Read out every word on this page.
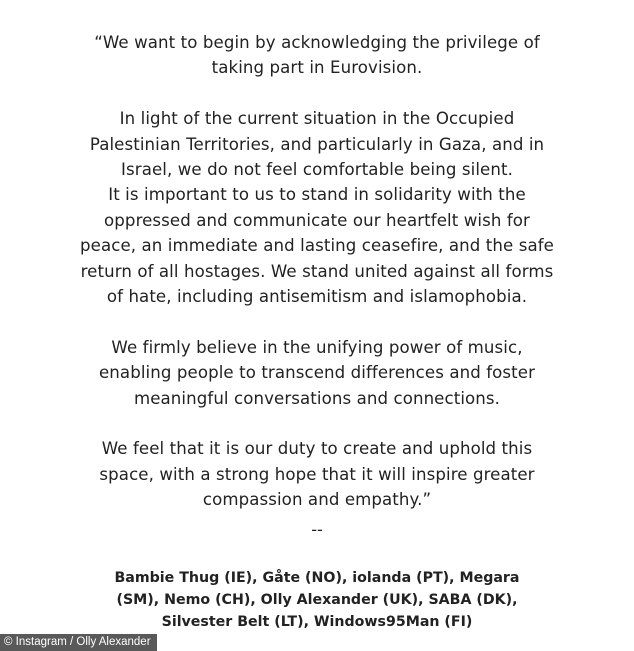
“We want to begin by acknowledging the privilege of
taking part in Eurovision.

In light of the current situation in the Occupied
Palestinian Territories, and particularly in Gaza, and in
Israel, we do not feel comfortable being silent.
It is important to us to stand in solidarity with the
oppressed and communicate our heartfelt wish for
peace, an immediate and lasting ceasefire, and the safe
return of all hostages. We stand united against all forms
of hate, including antisemitism and islamophobia.

We firmly believe in the unifying power of music,
enabling people to transcend differences and foster
meaningful conversations and connections.

We feel that it is our duty to create and uphold this
space, with a strong hope that it will inspire greater
compassion and empathy.”

--
Bambie Thug (IE), Gåte (NO), iolanda (PT), Megara
(SM), Nemo (CH), Olly Alexander (UK), SABA (DK),
Silvester Belt (LT), Windows95Man (FI)
© Instagram / Olly Alexander
